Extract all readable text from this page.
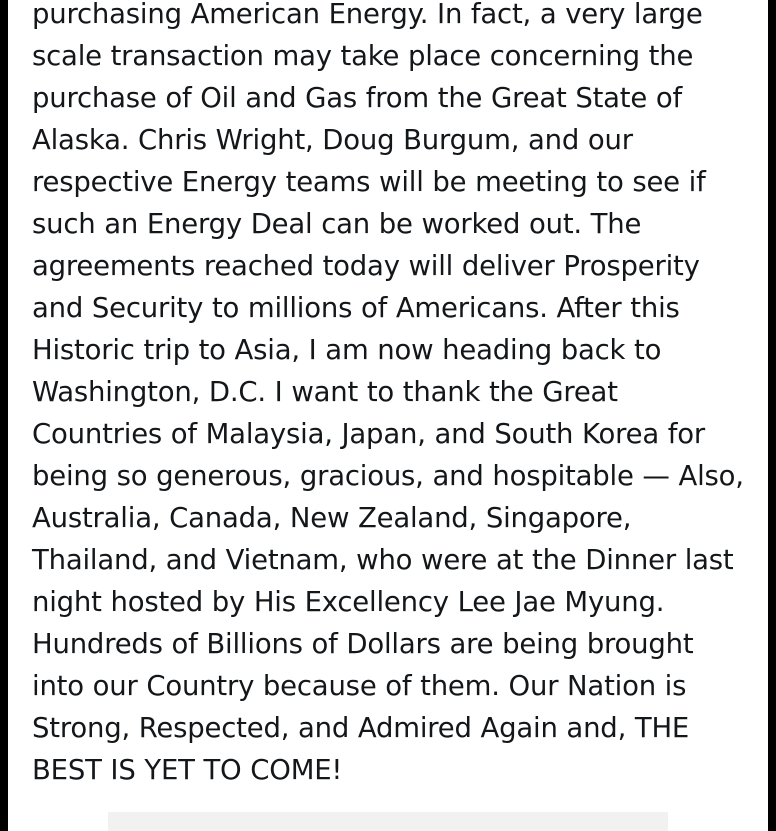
purchasing American Energy. In fact, a very large scale transaction may take place concerning the purchase of Oil and Gas from the Great State of Alaska. Chris Wright, Doug Burgum, and our respective Energy teams will be meeting to see if such an Energy Deal can be worked out. The agreements reached today will deliver Prosperity and Security to millions of Americans. After this Historic trip to Asia, I am now heading back to Washington, D.C. I want to thank the Great Countries of Malaysia, Japan, and South Korea for being so generous, gracious, and hospitable — Also, Australia, Canada, New Zealand, Singapore, Thailand, and Vietnam, who were at the Dinner last night hosted by His Excellency Lee Jae Myung. Hundreds of Billions of Dollars are being brought into our Country because of them. Our Nation is Strong, Respected, and Admired Again and, THE BEST IS YET TO COME!
